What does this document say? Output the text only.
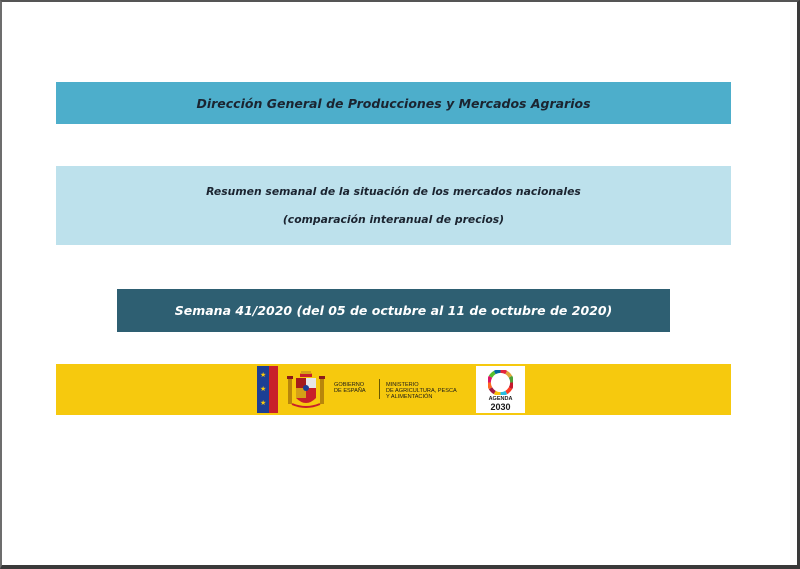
Dirección General de Producciones y Mercados Agrarios
Resumen semanal de la situación de los mercados nacionales
(comparación interanual de precios)
Semana 41/2020 (del 05 de octubre al 11 de octubre de 2020)
★
★
★
GOBIERNO
DE ESPAÑA
MINISTERIO
DE AGRICULTURA, PESCA
Y ALIMENTACIÓN	AGENDA
2030
